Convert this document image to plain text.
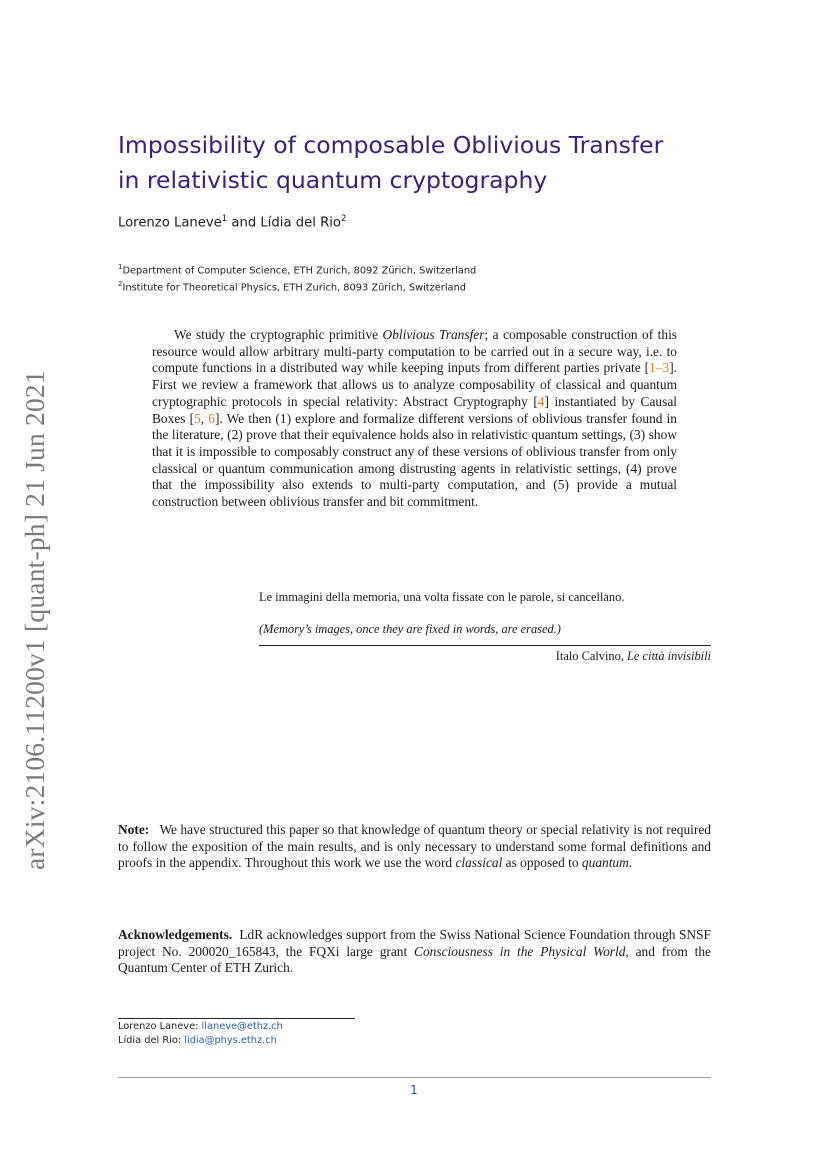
arXiv:2106.11200v1 [quant-ph] 21 Jun 2021
Impossibility of composable Oblivious Transfer
in relativistic quantum cryptography
Lorenzo Laneve$^1$ and Lídia del Rio$^2$
$^1$Department of Computer Science, ETH Zurich, 8092 Zürich, Switzerland
$^2$Institute for Theoretical Physics, ETH Zurich, 8093 Zürich, Switzerland

We study the cryptographic primitive Oblivious Transfer; a composable construction of this resource would allow arbitrary multi-party computation to be carried out in a secure way, i.e. to compute functions in a distributed way while keeping inputs from different parties private [1–3]. First we review a framework that allows us to analyze composability of classical and quantum cryptographic protocols in special relativity: Abstract Cryptography [4] instantiated by Causal Boxes [5, 6]. We then (1) explore and formalize different versions of oblivious transfer found in the literature, (2) prove that their equivalence holds also in relativistic quantum settings, (3) show that it is impossible to composably construct any of these versions of oblivious transfer from only classical or quantum communication among distrusting agents in relativistic settings, (4) prove that the impossibility also extends to multi-party computation, and (5) provide a mutual construction between oblivious transfer and bit commitment.

Le immagini della memoria, una volta fissate con le parole, si cancellano.

(Memory’s images, once they are fixed in words, are erased.)

Italo Calvino, Le città invisibili

Note: We have structured this paper so that knowledge of quantum theory or special relativity is not required to follow the exposition of the main results, and is only necessary to understand some formal definitions and proofs in the appendix. Throughout this work we use the word classical as opposed to quantum.

Acknowledgements. LdR acknowledges support from the Swiss National Science Foundation through SNSF project No. 200020_165843, the FQXi large grant Consciousness in the Physical World, and from the Quantum Center of ETH Zurich.

Lorenzo Laneve: llaneve@ethz.ch
Lídia del Rio: lidia@phys.ethz.ch
1
